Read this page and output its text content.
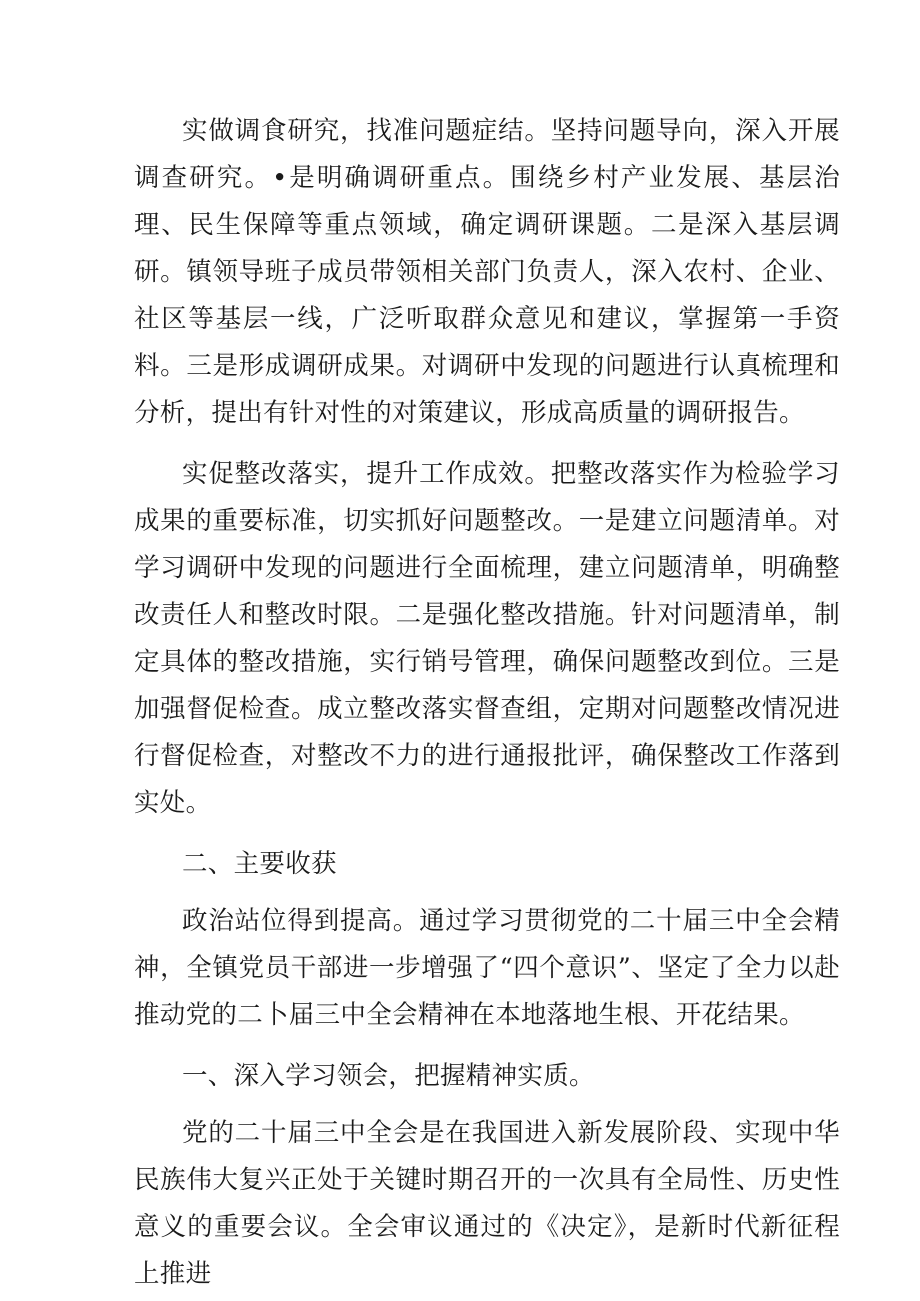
实做调食研究，找准问题症结。坚持问题导向，深入开展调查研究。•是明确调研重点。围绕乡村产业发展、基层治理、民生保障等重点领域，确定调研课题。二是深入基层调研。镇领导班子成员带领相关部门负责人，深入农村、企业、社区等基层一线，广泛听取群众意见和建议，掌握第一手资料。三是形成调研成果。对调研中发现的问题进行认真梳理和分析，提出有针对性的对策建议，形成高质量的调研报告。

实促整改落实，提升工作成效。把整改落实作为检验学习成果的重要标准，切实抓好问题整改。一是建立问题清单。对学习调研中发现的问题进行全面梳理，建立问题清单，明确整改责任人和整改时限。二是强化整改措施。针对问题清单，制定具体的整改措施，实行销号管理，确保问题整改到位。三是加强督促检查。成立整改落实督查组，定期对问题整改情况进行督促检查，对整改不力的进行通报批评，确保整改工作落到实处。

二、主要收获

政治站位得到提高。通过学习贯彻党的二十届三中全会精神，全镇党员干部进一步增强了“四个意识”、坚定了全力以赴推动党的二卜届三中全会精神在本地落地生根、开花结果。

一、深入学习领会，把握精神实质。

党的二十届三中全会是在我国进入新发展阶段、实现中华民族伟大复兴正处于关键时期召开的一次具有全局性、历史性意义的重要会议。全会审议通过的《决定》，是新时代新征程上推进
